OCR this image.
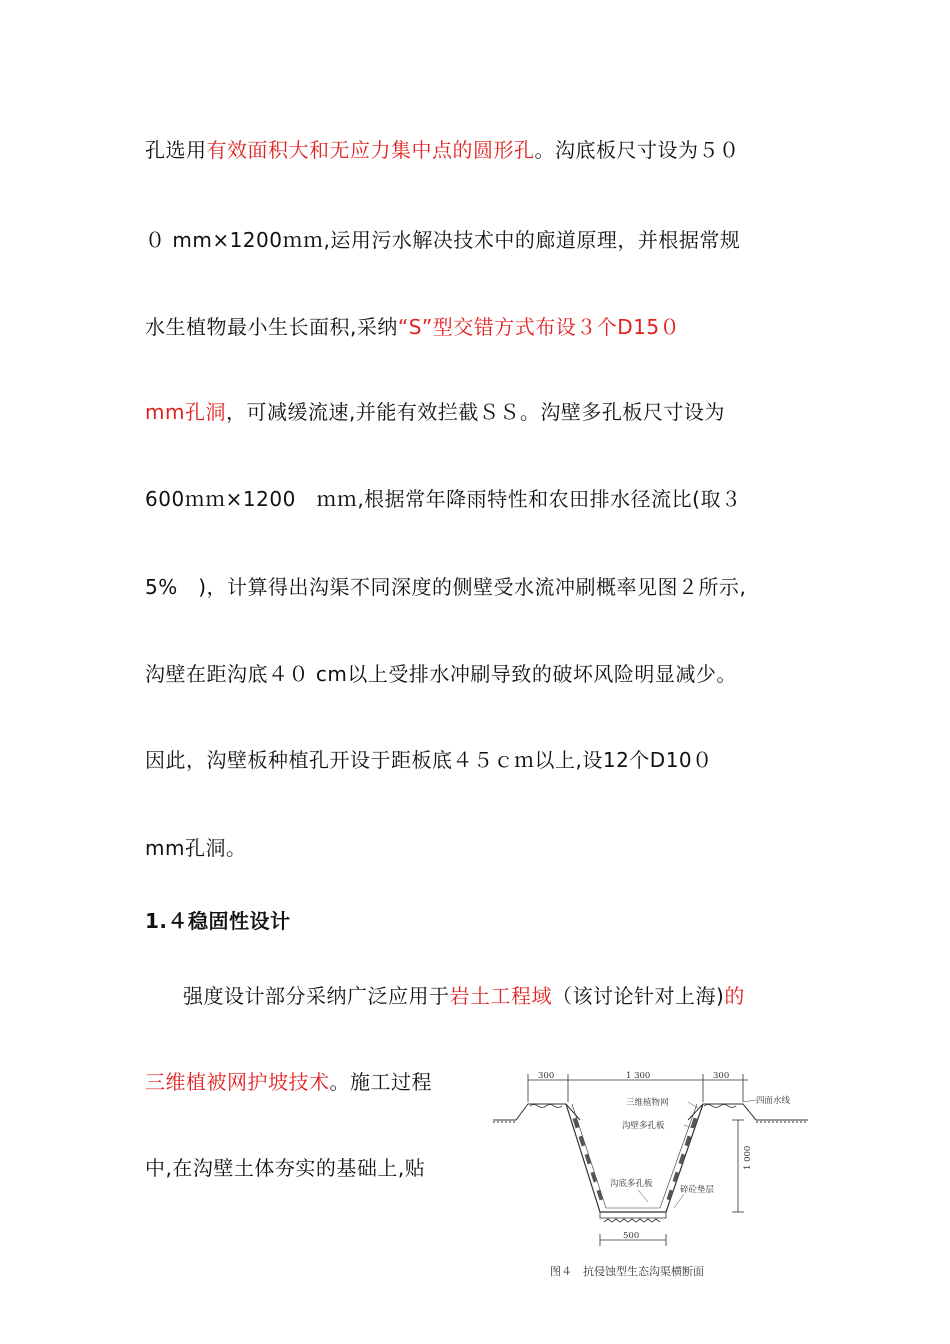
孔选用有效面积大和无应力集中点的圆形孔。沟底板尺寸设为５０
０ mm×1200ｍｍ,运用污水解决技术中的廊道原理，并根据常规
水生植物最小生长面积,采纳“S”型交错方式布设３个D15０
mm孔洞，可减缓流速,并能有效拦截ＳＳ。沟壁多孔板尺寸设为
600ｍｍ×1200　ｍｍ,根据常年降雨特性和农田排水径流比(取３
5%　)，计算得出沟渠不同深度的侧壁受水流冲刷概率见图２所示,
沟壁在距沟底４０ cm以上受排水冲刷导致的破坏风险明显减少。
因此，沟壁板种植孔开设于距板底４５ｃｍ以上,设12个D10０
mm孔洞。
1.４稳固性设计
强度设计部分采纳广泛应用于岩土工程域（该讨论针对上海)的
三维植被网护坡技术。施工过程
中,在沟壁土体夯实的基础上,贴
300	1 300	300
1 000
500
四面水线
三维植物网
沟壁多孔板
沟底多孔板
碎砼垫层
图４　抗侵蚀型生态沟渠横断面
